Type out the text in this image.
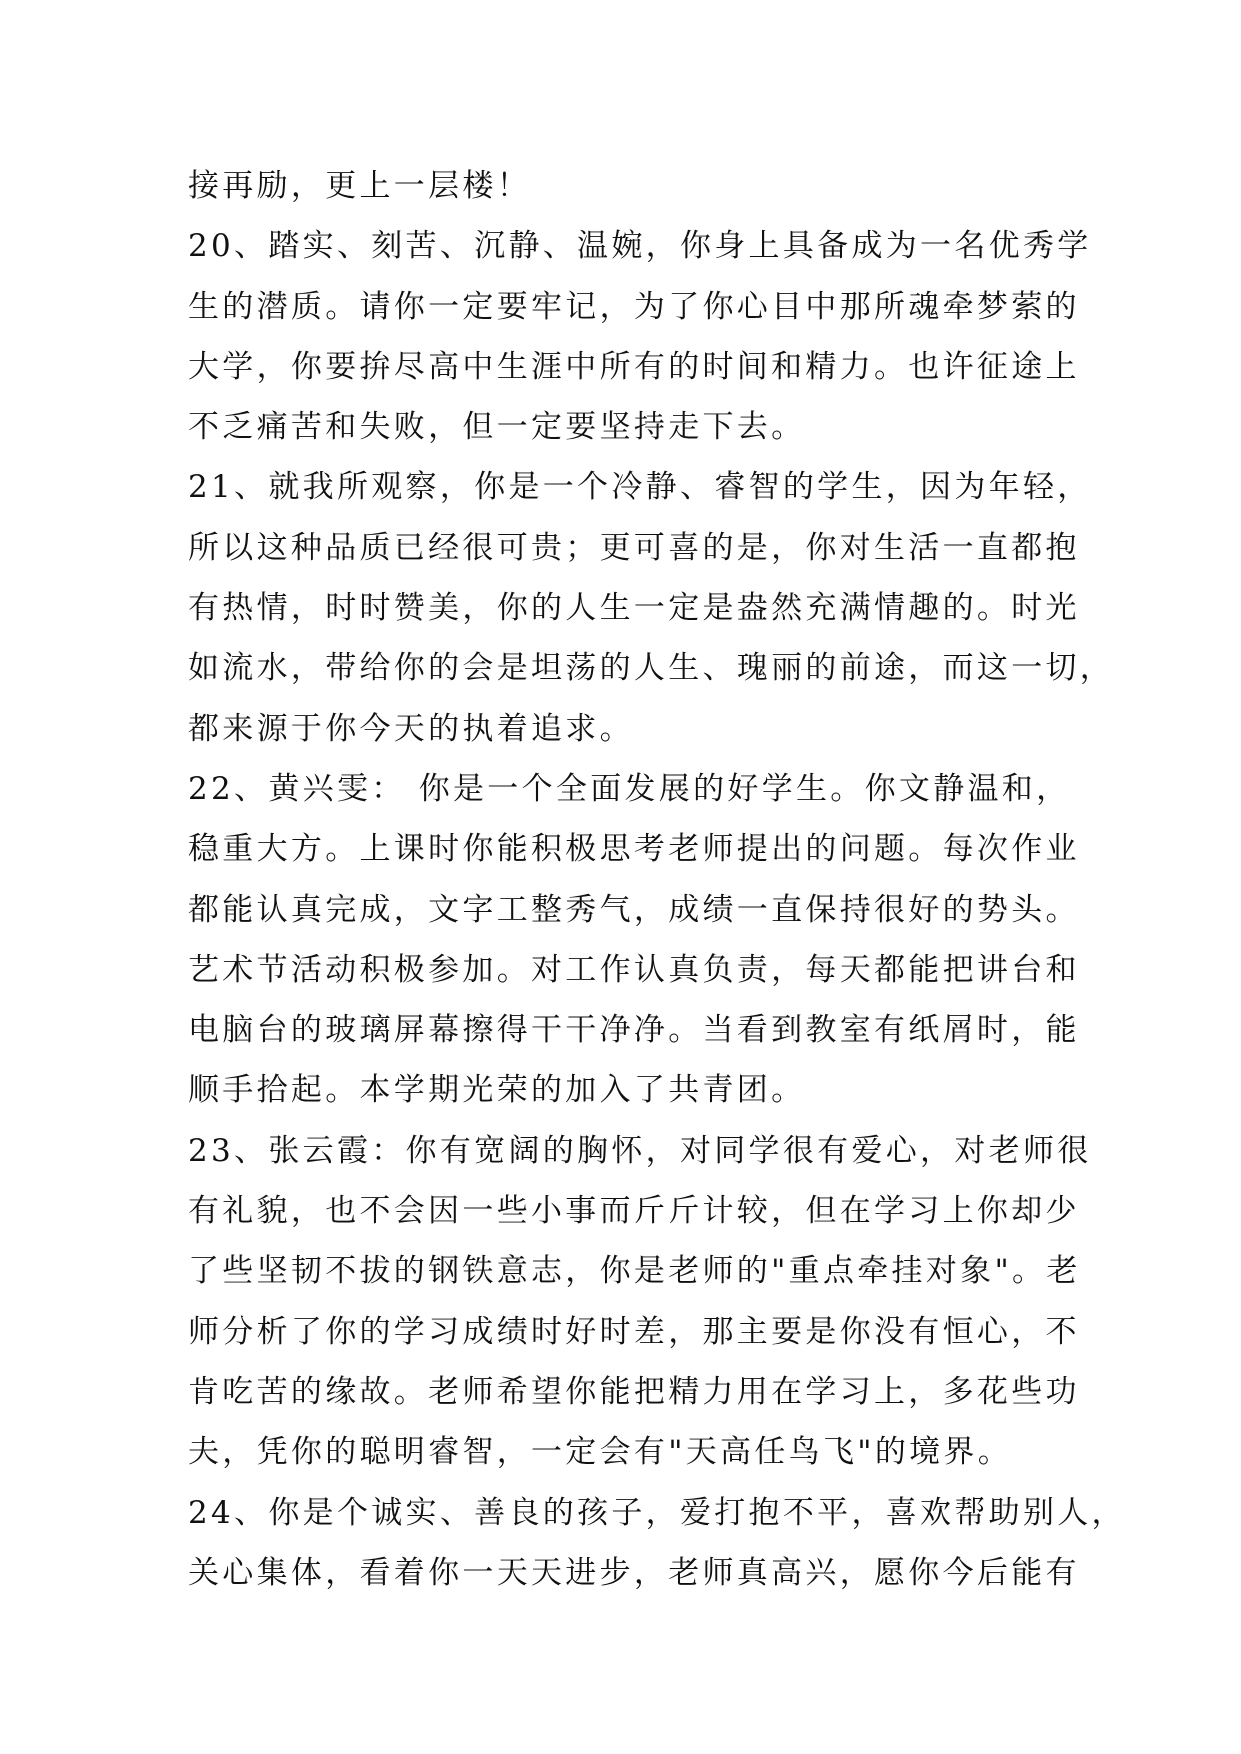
接再励，更上一层楼！
20、踏实、刻苦、沉静、温婉，你身上具备成为一名优秀学
生的潜质。请你一定要牢记，为了你心目中那所魂牵梦萦的
大学，你要拚尽高中生涯中所有的时间和精力。也许征途上
不乏痛苦和失败，但一定要坚持走下去。
21、就我所观察，你是一个冷静、睿智的学生，因为年轻，
所以这种品质已经很可贵；更可喜的是，你对生活一直都抱
有热情，时时赞美，你的人生一定是盎然充满情趣的。时光
如流水，带给你的会是坦荡的人生、瑰丽的前途，而这一切，
都来源于你今天的执着追求。
22、黄兴雯： 你是一个全面发展的好学生。你文静温和，
稳重大方。上课时你能积极思考老师提出的问题。每次作业
都能认真完成，文字工整秀气，成绩一直保持很好的势头。
艺术节活动积极参加。对工作认真负责，每天都能把讲台和
电脑台的玻璃屏幕擦得干干净净。当看到教室有纸屑时，能
顺手拾起。本学期光荣的加入了共青团。
23、张云霞：你有宽阔的胸怀，对同学很有爱心，对老师很
有礼貌，也不会因一些小事而斤斤计较，但在学习上你却少
了些坚韧不拔的钢铁意志，你是老师的"重点牵挂对象"。老
师分析了你的学习成绩时好时差，那主要是你没有恒心，不
肯吃苦的缘故。老师希望你能把精力用在学习上，多花些功
夫，凭你的聪明睿智，一定会有"天高任鸟飞"的境界。
24、你是个诚实、善良的孩子，爱打抱不平，喜欢帮助别人，
关心集体，看着你一天天进步，老师真高兴，愿你今后能有
